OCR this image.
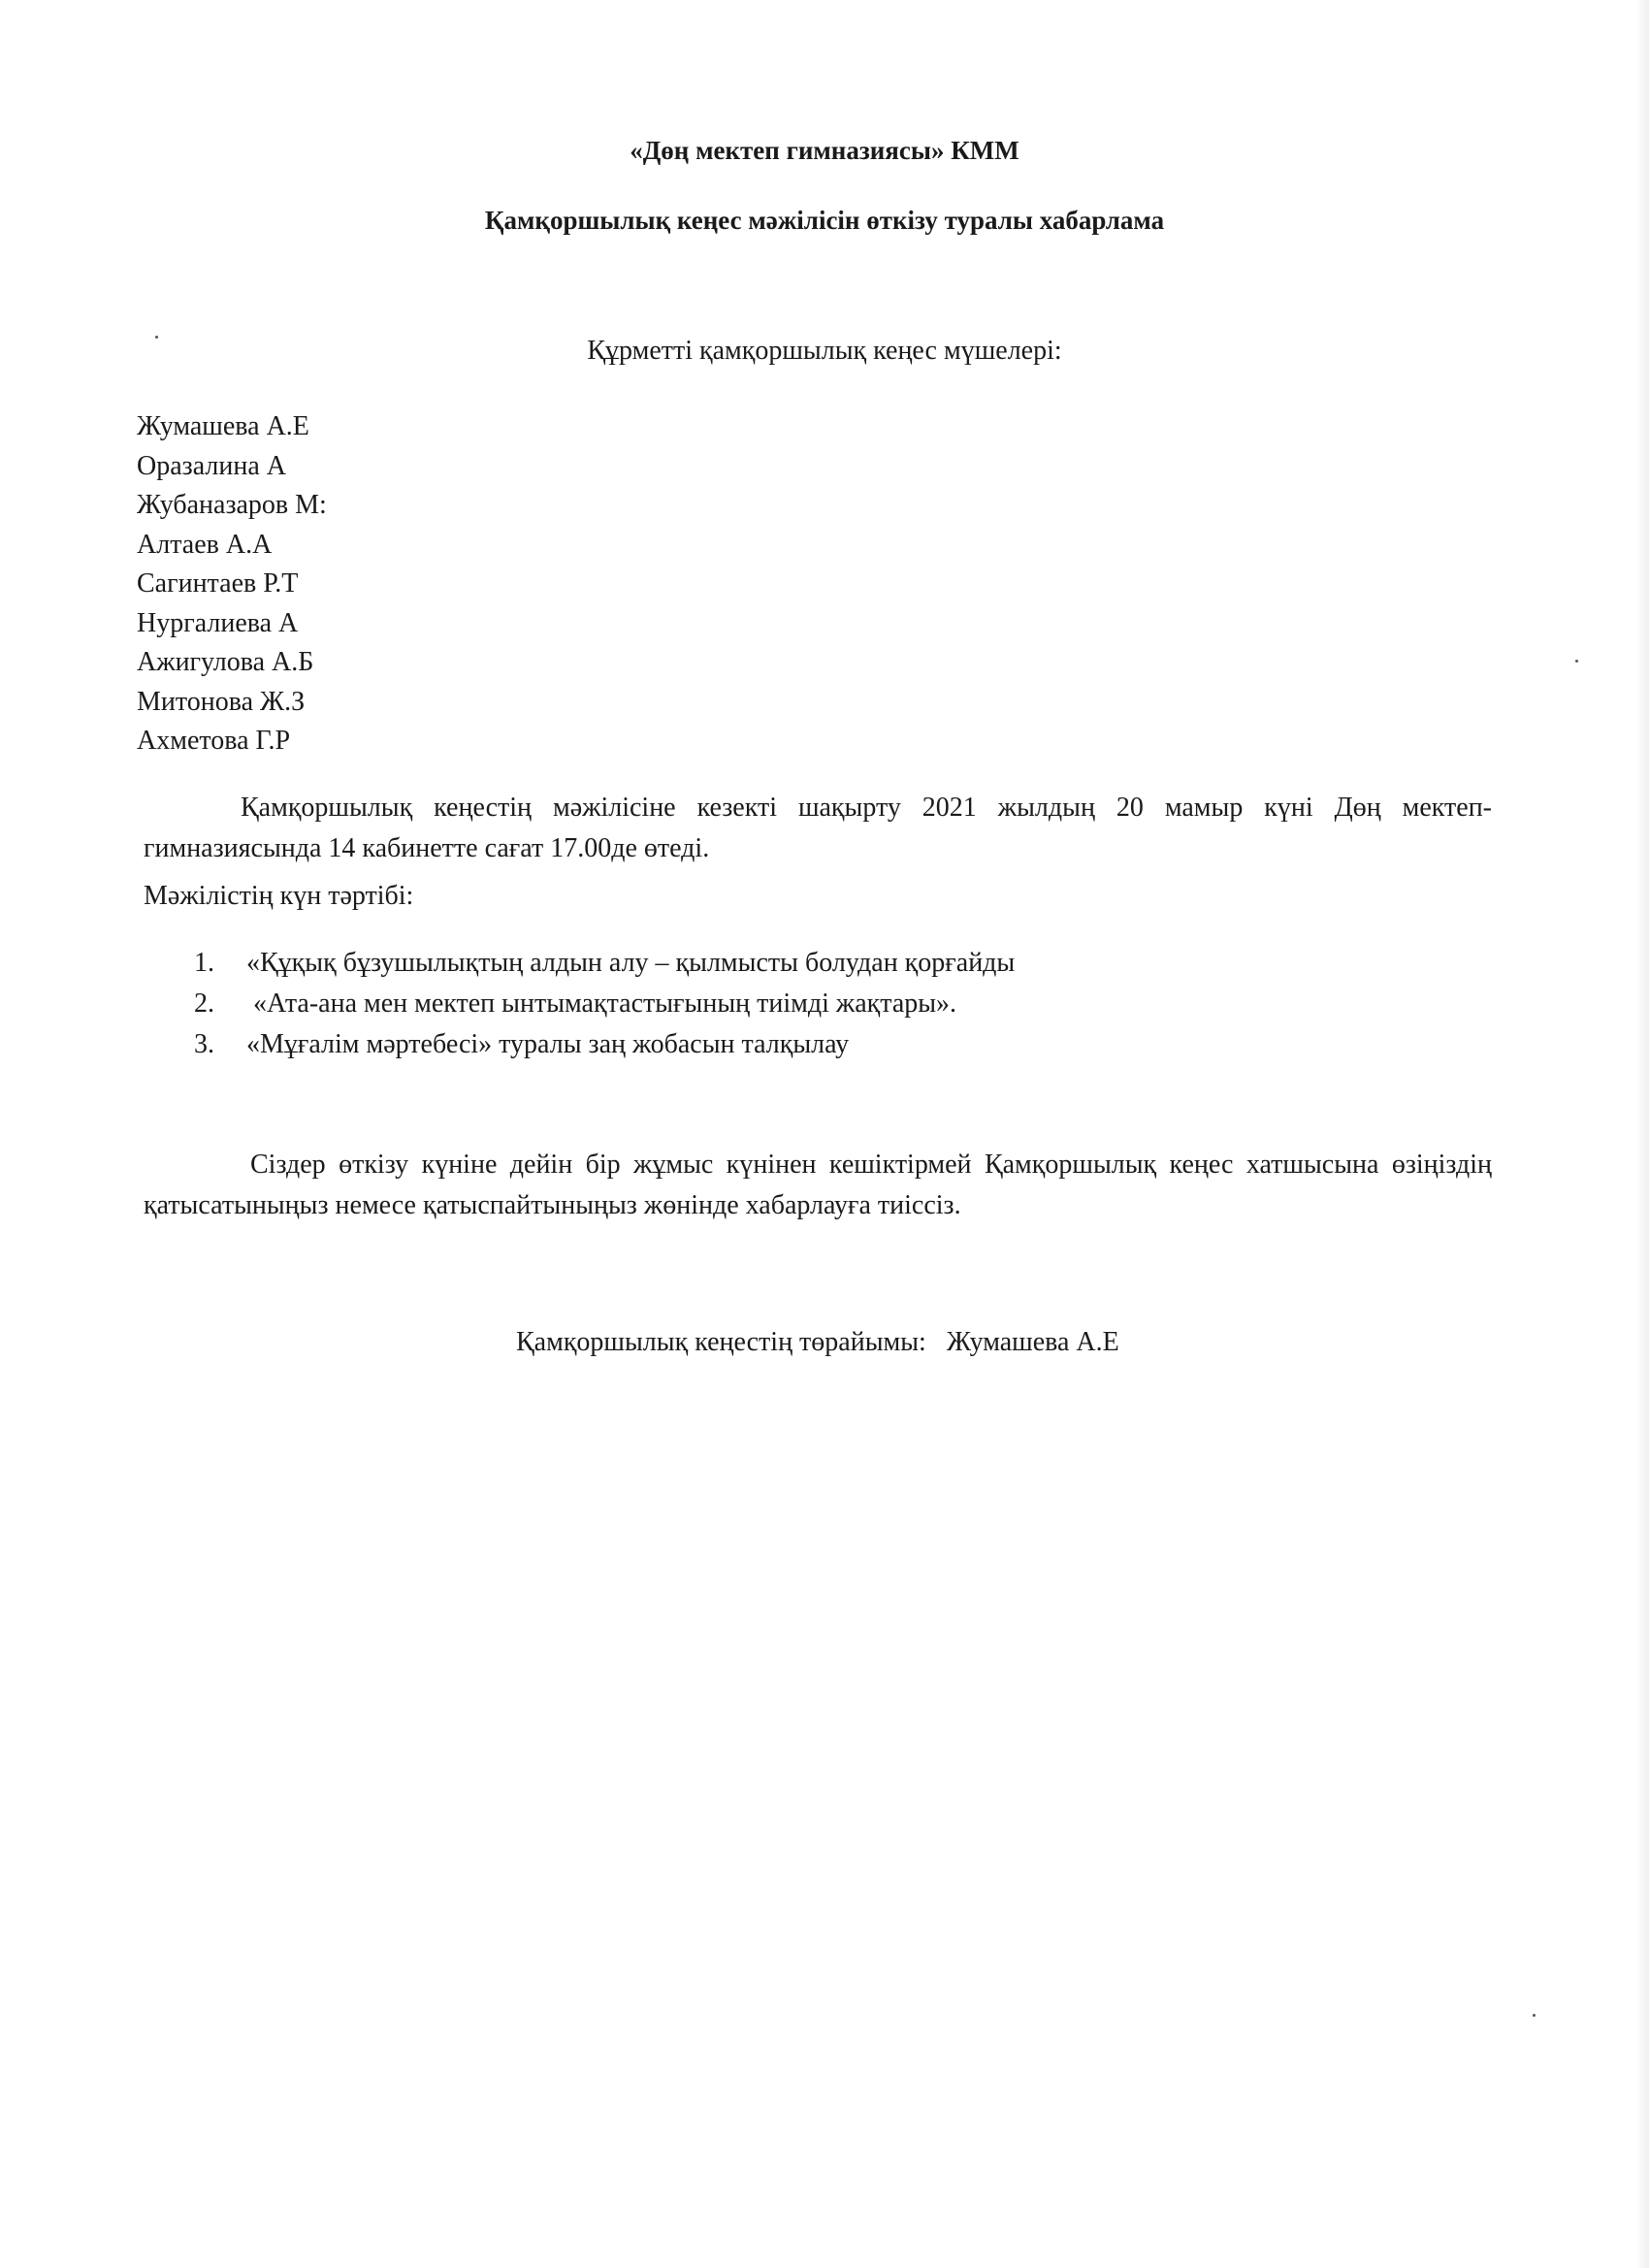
«Дөң мектеп гимназиясы» КММ
Қамқоршылық кеңес мәжілісін өткізу туралы хабарлама
Құрметті қамқоршылық кеңес мүшелері:
Жумашева А.Е
Оразалина А
Жубаназаров М:
Алтаев А.А
Сагинтаев Р.Т
Нургалиева А
Ажигулова А.Б
Митонова Ж.З
Ахметова Г.Р

Қамқоршылық кеңестің мәжілісіне кезекті шақырту 2021 жылдың 20 мамыр күні Дөң мектеп-гимназиясында 14 кабинетте сағат 17.00де өтеді.

Мәжілістің күн тәртібі:
1.	«Құқық бұзушылықтың алдын алу – қылмысты болудан қорғайды
2.	«Ата-ана мен мектеп ынтымақтастығының тиімді жақтары».
3.	«Мұғалім мәртебесі» туралы заң жобасын талқылау

Сіздер өткізу күніне дейін бір жұмыс күнінен кешіктірмей Қамқоршылық кеңес хатшысына өзіңіздің қатысатыныңыз немесе қатыспайтыныңыз жөнінде хабарлауға тиіссіз.

Қамқоршылық кеңестің төрайымы: Жумашева А.Е
